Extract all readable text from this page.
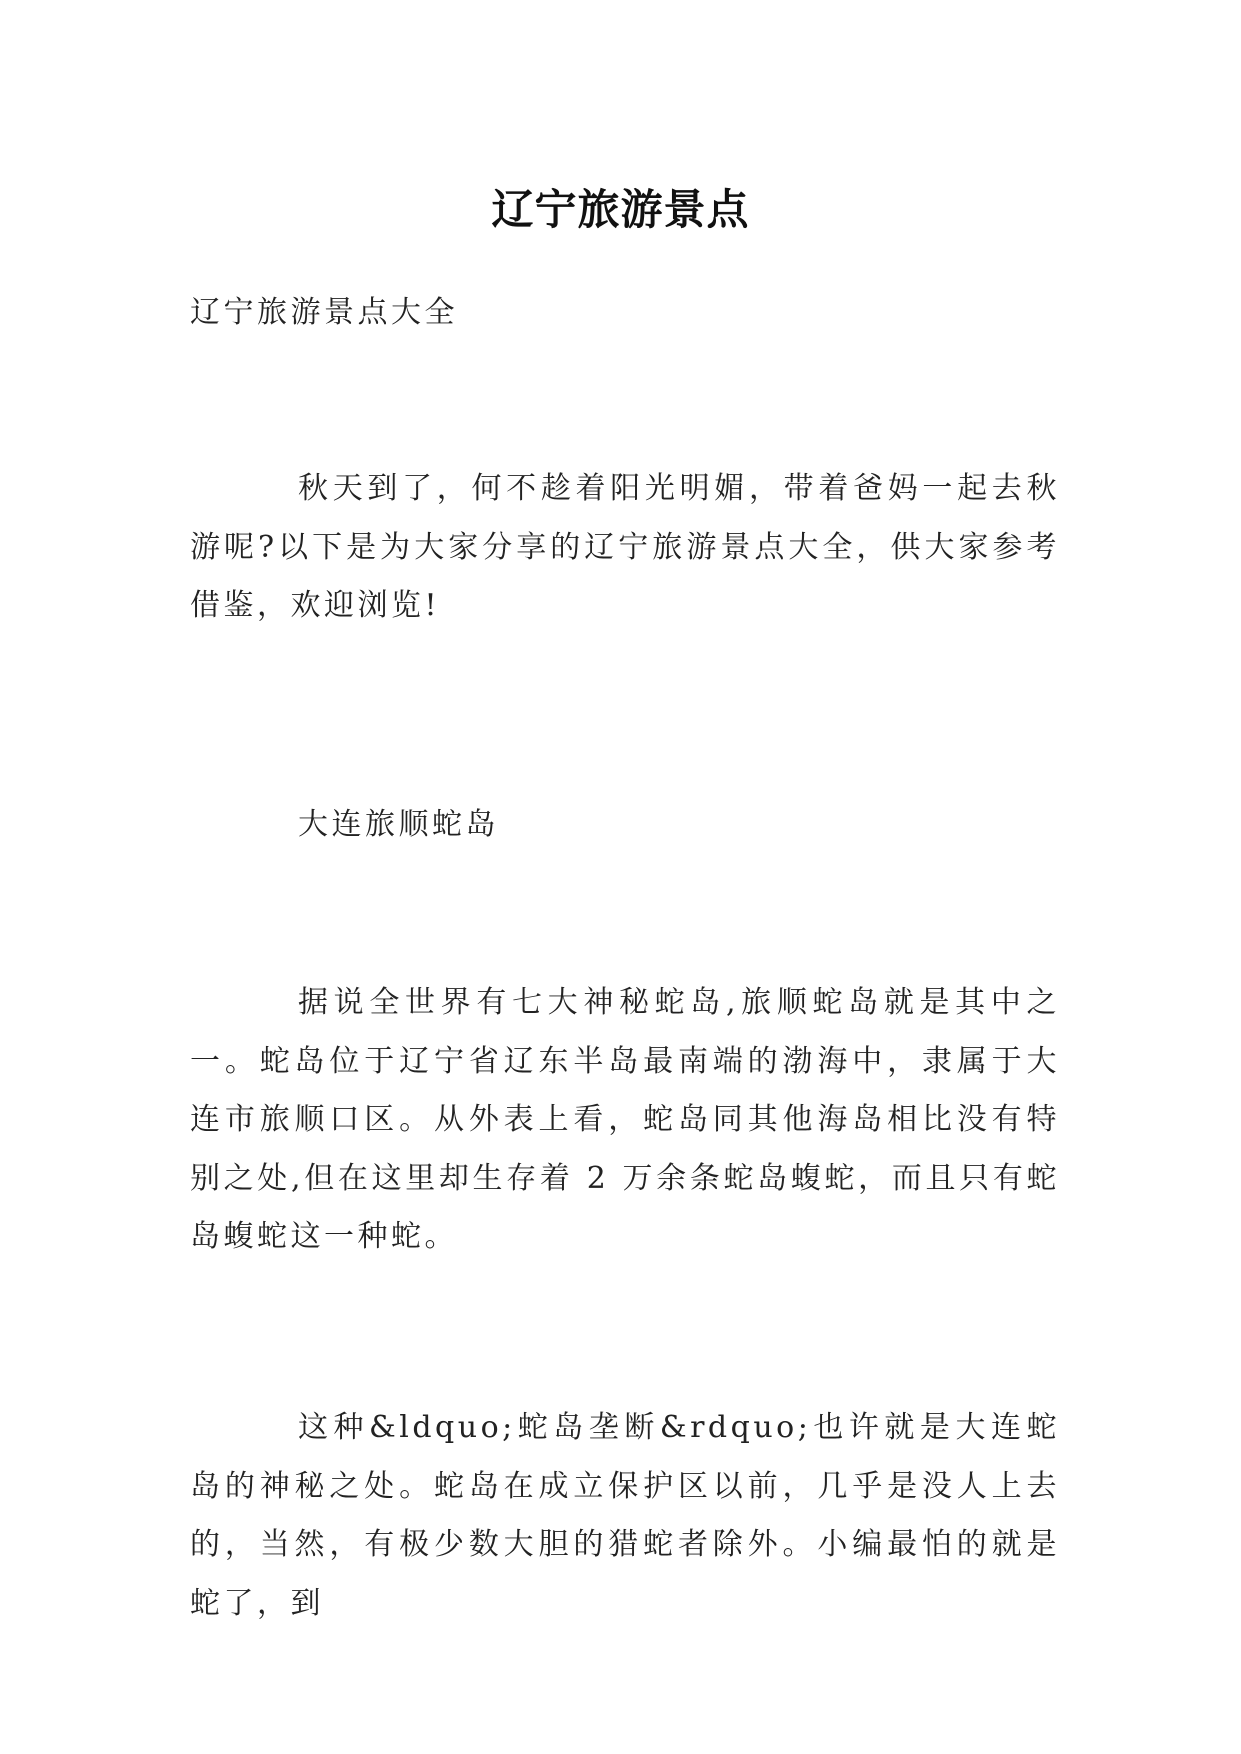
辽宁旅游景点

辽宁旅游景点大全

秋天到了，何不趁着阳光明媚，带着爸妈一起去秋游呢?以下是为大家分享的辽宁旅游景点大全，供大家参考借鉴，欢迎浏览!

大连旅顺蛇岛

据说全世界有七大神秘蛇岛,旅顺蛇岛就是其中之一。蛇岛位于辽宁省辽东半岛最南端的渤海中，隶属于大连市旅顺口区。从外表上看，蛇岛同其他海岛相比没有特别之处,但在这里却生存着 2 万余条蛇岛蝮蛇，而且只有蛇岛蝮蛇这一种蛇。

这种&ldquo;蛇岛垄断&rdquo;也许就是大连蛇岛的神秘之处。蛇岛在成立保护区以前，几乎是没人上去的，当然，有极少数大胆的猎蛇者除外。小编最怕的就是蛇了，到
